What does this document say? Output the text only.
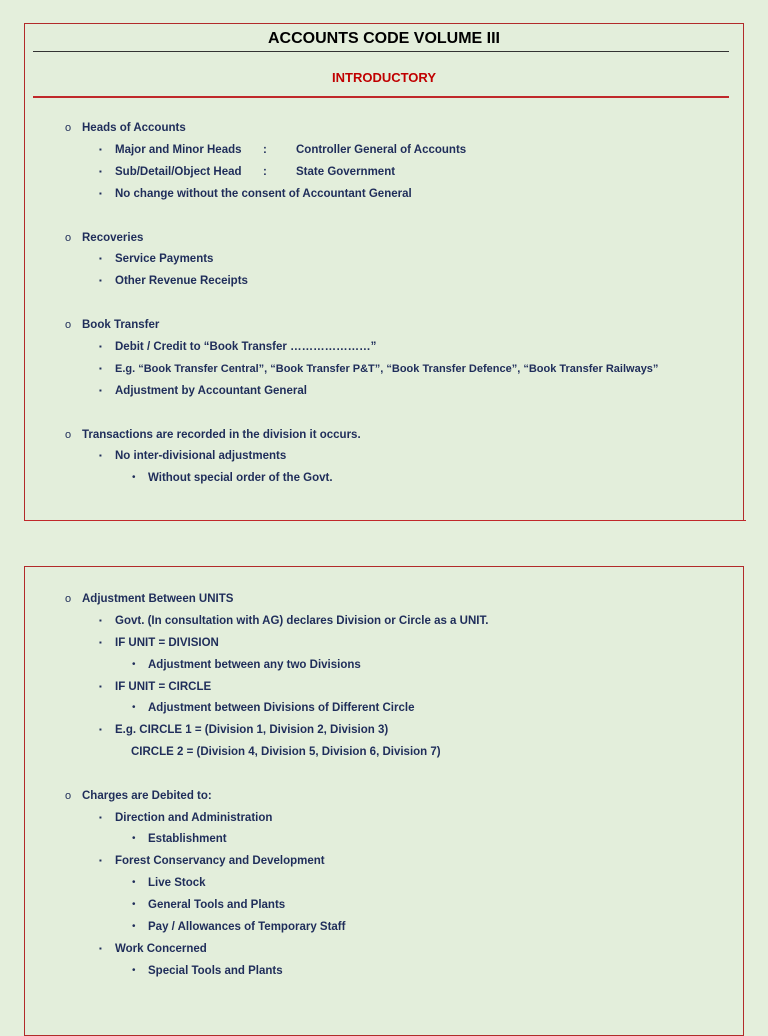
ACCOUNTS CODE VOLUME III
INTRODUCTORY
o Heads of Accounts
▪ Major and Minor Heads :	Controller General of Accounts
▪ Sub/Detail/Object Head :	State Government
▪ No change without the consent of Accountant General
o Recoveries
▪ Service Payments
▪ Other Revenue Receipts
o Book Transfer
▪ Debit / Credit to “Book Transfer …………………”
▪ E.g. “Book Transfer Central”, “Book Transfer P&T”, “Book Transfer Defence”, “Book Transfer Railways”
▪ Adjustment by Accountant General
o Transactions are recorded in the division it occurs.
▪ No inter-divisional adjustments
• Without special order of the Govt.
o Adjustment Between UNITS
▪ Govt. (In consultation with AG) declares Division or Circle as a UNIT.
▪ IF UNIT = DIVISION
• Adjustment between any two Divisions
▪ IF UNIT = CIRCLE
• Adjustment between Divisions of Different Circle
▪ E.g. CIRCLE 1 = (Division 1, Division 2, Division 3)
CIRCLE 2 = (Division 4, Division 5, Division 6, Division 7)
o Charges are Debited to:
▪ Direction and Administration
• Establishment
▪ Forest Conservancy and Development
• Live Stock
• General Tools and Plants
• Pay / Allowances of Temporary Staff
▪ Work Concerned
• Special Tools and Plants
